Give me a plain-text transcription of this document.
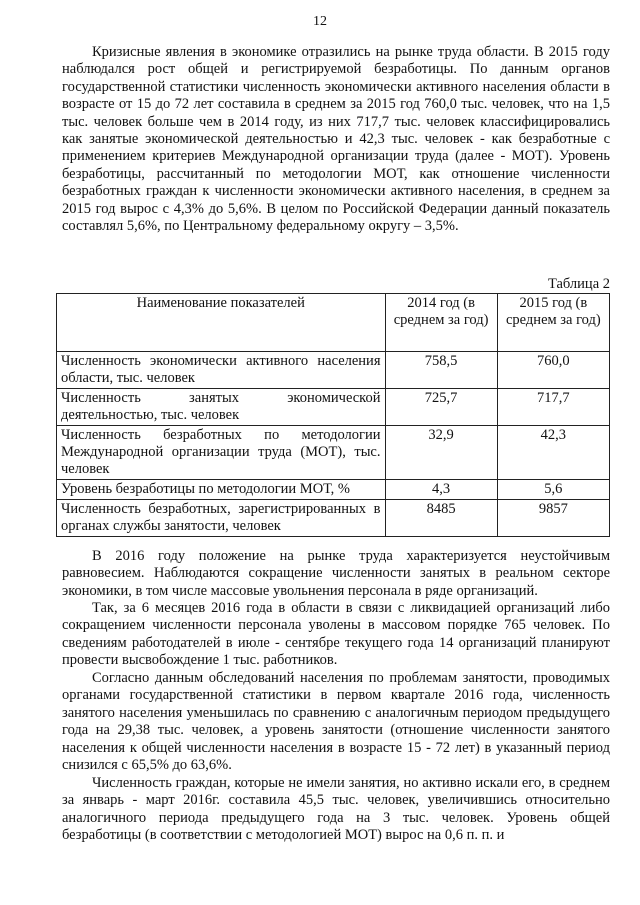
12

Кризисные явления в экономике отразились на рынке труда области. В 2015 году наблюдался рост общей и регистрируемой безработицы. По данным органов государственной статистики численность экономически активного населения области в возрасте от 15 до 72 лет составила в среднем за 2015 год 760,0 тыс. человек, что на 1,5 тыс. человек больше чем в 2014 году, из них 717,7 тыс. человек классифицировались как занятые экономической деятельностью и 42,3 тыс. человек - как безработные с применением критериев Международной организации труда (далее - МОТ). Уровень безработицы, рассчитанный по методологии МОТ, как отношение численности безработных граждан к численности экономически активного населения, в среднем за 2015 год вырос с 4,3% до 5,6%. В целом по Российской Федерации данный показатель составлял 5,6%, по Центральному федеральному округу – 3,5%.

Таблица 2
Наименование показателей	2014 год (в среднем за год)	2015 год (в среднем за год)
Численность экономически активного населения области, тыс. человек	758,5	760,0
Численность занятых экономической деятельностью, тыс. человек	725,7	717,7
Численность безработных по методологии Международной организации труда (МОТ), тыс. человек	32,9	42,3
Уровень безработицы по методологии МОТ, %	4,3	5,6
Численность безработных, зарегистрированных в органах службы занятости, человек	8485	9857

В 2016 году положение на рынке труда характеризуется неустойчивым равновесием. Наблюдаются сокращение численности занятых в реальном секторе экономики, в том числе массовые увольнения персонала в ряде организаций.

Так, за 6 месяцев 2016 года в области в связи с ликвидацией организаций либо сокращением численности персонала уволены в массовом порядке 765 человек. По сведениям работодателей в июле - сентябре текущего года 14 организаций планируют провести высвобождение 1 тыс. работников.

Согласно данным обследований населения по проблемам занятости, проводимых органами государственной статистики в первом квартале 2016 года, численность занятого населения уменьшилась по сравнению с аналогичным периодом предыдущего года на 29,38 тыс. человек, а уровень занятости (отношение численности занятого населения к общей численности населения в возрасте 15 - 72 лет) в указанный период снизился с 65,5% до 63,6%.

Численность граждан, которые не имели занятия, но активно искали его, в среднем за январь - март 2016г. составила 45,5 тыс. человек, увеличившись относительно аналогичного периода предыдущего года на 3 тыс. человек. Уровень общей безработицы (в соответствии с методологией МОТ) вырос на 0,6 п. п. и
